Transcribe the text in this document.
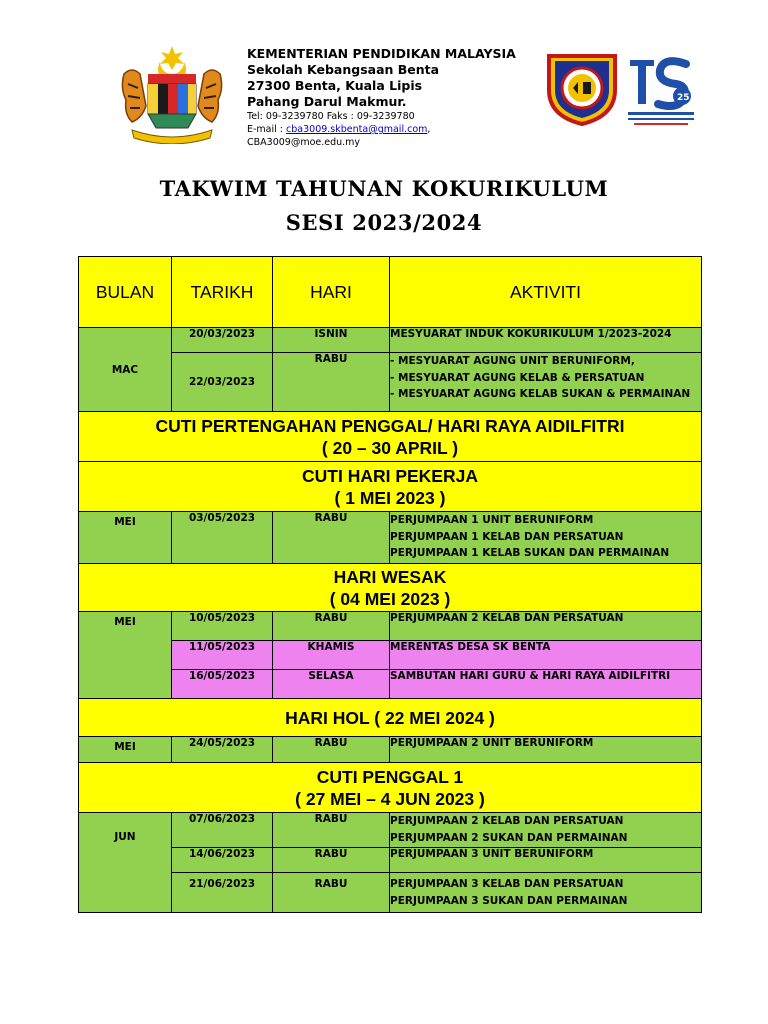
KEMENTERIAN PENDIDIKAN MALAYSIA
Sekolah Kebangsaan Benta
27300 Benta, Kuala Lipis
Pahang Darul Makmur.
Tel: 09-3239780 Faks : 09-3239780
E-mail : cba3009.skbenta@gmail.com,
CBA3009@moe.edu.my
25
TAKWIM TAHUNAN KOKURIKULUM
SESI 2023/2024
BULAN	TARIKH	HARI	AKTIVITI
MAC	20/03/2023	ISNIN	MESYUARAT INDUK KOKURIKULUM 1/2023-2024
	22/03/2023	RABU	- MESYUARAT AGUNG UNIT BERUNIFORM,
- MESYUARAT AGUNG KELAB & PERSATUAN
- MESYUARAT AGUNG KELAB SUKAN & PERMAINAN

CUTI PERTENGAHAN PENGGAL/ HARI RAYA AIDILFITRI
( 20 – 30 APRIL )			

CUTI HARI PEKERJA
( 1 MEI 2023 )			

MEI	03/05/2023	RABU	PERJUMPAAN 1 UNIT BERUNIFORM
PERJUMPAAN 1 KELAB DAN PERSATUAN
PERJUMPAAN 1 KELAB SUKAN DAN PERMAINAN

HARI WESAK
( 04 MEI 2023 )			

MEI	10/05/2023	RABU	PERJUMPAAN 2 KELAB DAN PERSATUAN
	11/05/2023	KHAMIS	MERENTAS DESA SK BENTA
	16/05/2023	SELASA	SAMBUTAN HARI GURU & HARI RAYA AIDILFITRI

HARI HOL ( 22 MEI 2024 )			

MEI	24/05/2023	RABU	PERJUMPAAN 2 UNIT BERUNIFORM

CUTI PENGGAL 1
( 27 MEI – 4 JUN 2023 )			

JUN	07/06/2023	RABU	PERJUMPAAN 2 KELAB DAN PERSATUAN
PERJUMPAAN 2 SUKAN DAN PERMAINAN

	14/06/2023	RABU	PERJUMPAAN 3 UNIT BERUNIFORM
	21/06/2023	RABU	PERJUMPAAN 3 KELAB DAN PERSATUAN
PERJUMPAAN 3 SUKAN DAN PERMAINAN
